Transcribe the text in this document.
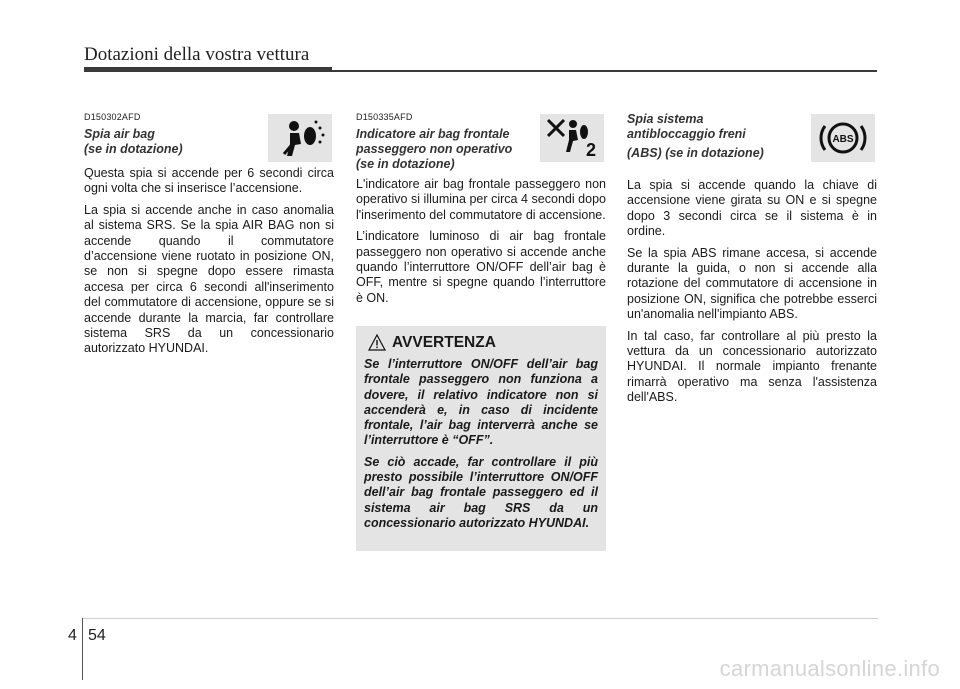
Dotazioni della vostra vettura
D150302AFD
Spia air bag
(se in dotazione)

Questa spia si accende per 6 secondi circa ogni volta che si inserisce l’accensione.

La spia si accende anche in caso anomalia al sistema SRS. Se la spia AIR BAG non si accende quando il commutatore d’accensione viene ruotato in posizione ON, se non si spegne dopo essere rimasta accesa per circa 6 secondi all'inserimento del commutatore di accensione, oppure se si accende durante la marcia, far controllare sistema SRS da un concessionario autorizzato HYUNDAI.

D150335AFD
Indicatore air bag frontale
passeggero non operativo
(se in dotazione)

L'indicatore air bag frontale passeggero non operativo si illumina per circa 4 secondi dopo l'inserimento del commutatore di accensione.

L’indicatore luminoso di air bag frontale passeggero non operativo si accende anche quando l’interruttore ON/OFF dell’air bag è OFF, mentre si spegne quando l’interruttore è ON.

2
AVVERTENZA

Se l’interruttore ON/OFF dell’air bag frontale passeggero non funziona a dovere, il relativo indicatore non si accenderà e, in caso di incidente frontale, l’air bag interverrà anche se l’interruttore è “OFF”.

Se ciò accade, far controllare il più presto possibile l’interruttore ON/OFF dell’air bag frontale passeggero ed il sistema air bag SRS da un concessionario autorizzato HYUNDAI.

Spia sistema
antibloccaggio freni
(ABS) (se in dotazione)

La spia si accende quando la chiave di accensione viene girata su ON e si spegne dopo 3 secondi circa se il sistema è in ordine.

Se la spia ABS rimane accesa, si accende durante la guida, o non si accende alla rotazione del commutatore di accensione in posizione ON, significa che potrebbe esserci un'anomalia nell'impianto ABS.

In tal caso, far controllare al più presto la vettura da un concessionario autorizzato HYUNDAI. Il normale impianto frenante rimarrà operativo ma senza l'assistenza dell'ABS.

ABS
4 54
carmanualsonline.info
